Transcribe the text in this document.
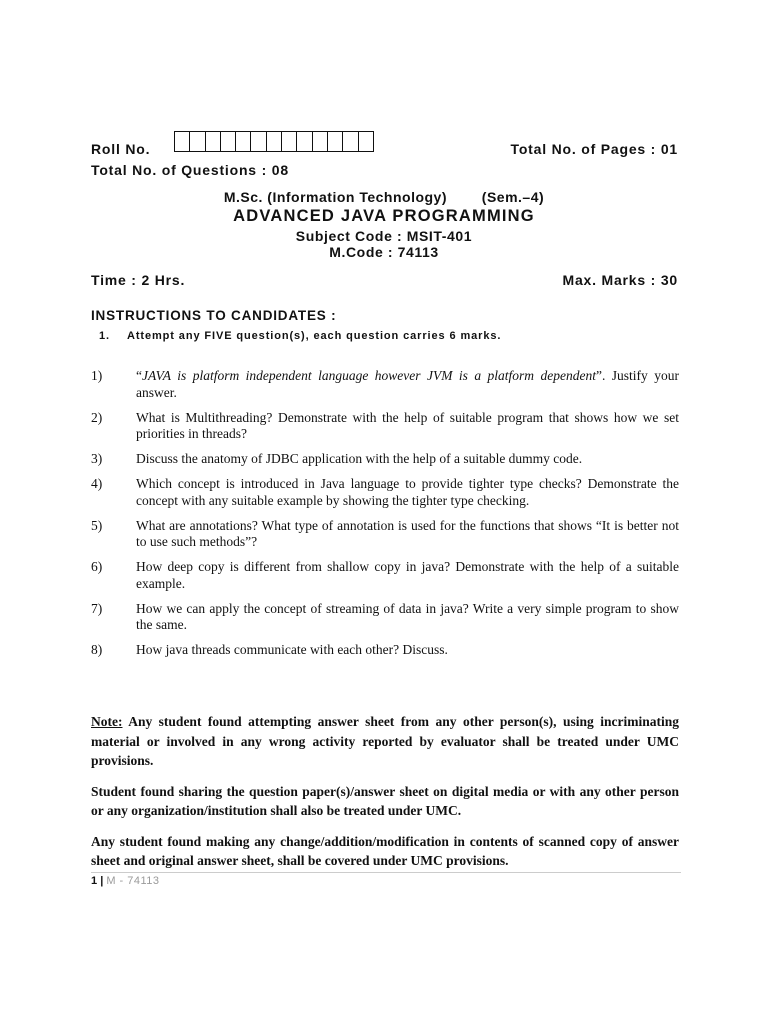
Roll No.	Total No. of Pages : 01
Total No. of Questions : 08
M.Sc. (Information Technology) (Sem.–4)
ADVANCED JAVA PROGRAMMING
Subject Code : MSIT-401
M.Code : 74113
Time : 2 Hrs.	Max. Marks : 30
INSTRUCTIONS TO CANDIDATES :
1.	Attempt any FIVE question(s), each question carries 6 marks.
1)	“JAVA is platform independent language however JVM is a platform dependent”. Justify your answer.
2)	What is Multithreading? Demonstrate with the help of suitable program that shows how we set priorities in threads?
3)	Discuss the anatomy of JDBC application with the help of a suitable dummy code.
4)	Which concept is introduced in Java language to provide tighter type checks? Demonstrate the concept with any suitable example by showing the tighter type checking.
5)	What are annotations? What type of annotation is used for the functions that shows “It is better not to use such methods”?
6)	How deep copy is different from shallow copy in java? Demonstrate with the help of a suitable example.
7)	How we can apply the concept of streaming of data in java? Write a very simple program to show the same.
8)	How java threads communicate with each other? Discuss.

Note: Any student found attempting answer sheet from any other person(s), using incriminating material or involved in any wrong activity reported by evaluator shall be treated under UMC provisions.

Student found sharing the question paper(s)/answer sheet on digital media or with any other person or any organization/institution shall also be treated under UMC.

Any student found making any change/addition/modification in contents of scanned copy of answer sheet and original answer sheet, shall be covered under UMC provisions.

1 | M - 74113
